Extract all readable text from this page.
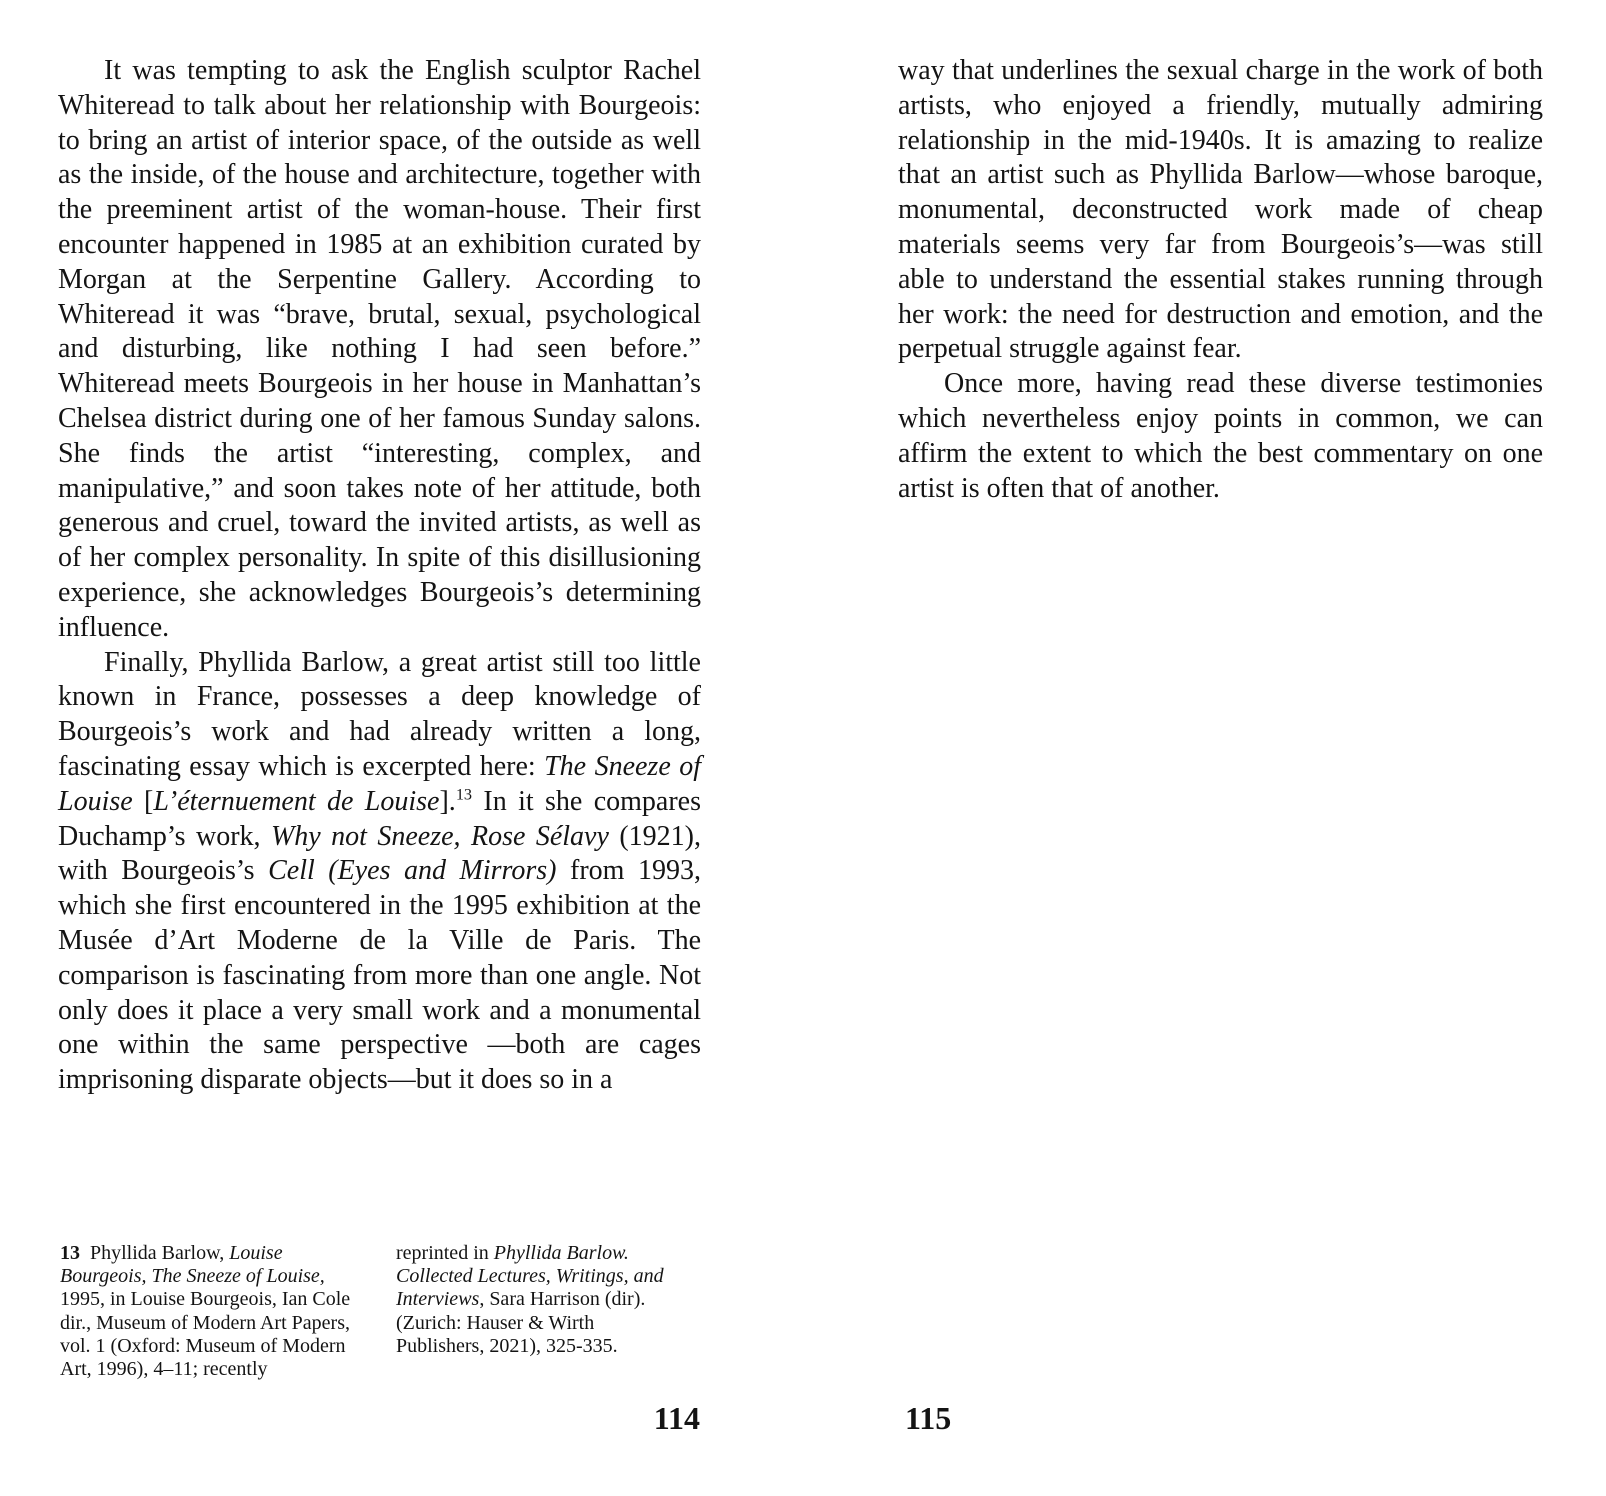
It was tempting to ask the English sculptor Rachel Whiteread to talk about her relationship with Bourgeois: to bring an artist of interior space, of the outside as well as the inside, of the house and architecture, together with the preeminent artist of the woman-house. Their first encounter happened in 1985 at an exhibition curated by Morgan at the Serpentine Gallery. According to Whiteread it was “brave, brutal, sexual, psychological and disturbing, like nothing I had seen before.” Whiteread meets Bourgeois in her house in Manhattan’s Chelsea district during one of her famous Sunday salons. She finds the artist “interesting, complex, and manipulative,” and soon takes note of her attitude, both generous and cruel, toward the invited artists, as well as of her complex personality. In spite of this disillusioning experience, she acknowledges Bourgeois’s determining influence.

Finally, Phyllida Barlow, a great artist still too little known in France, possesses a deep knowledge of Bourgeois’s work and had already written a long, fascinating essay which is excerpted here: The Sneeze of Louise [L’éternuement de Louise].$^{13}$ In it she compares Duchamp’s work, Why not Sneeze, Rose Sélavy (1921), with Bourgeois’s Cell (Eyes and Mirrors) from 1993, which she first encountered in the 1995 exhibition at the Musée d’Art Moderne de la Ville de Paris. The comparison is fascinating from more than one angle. Not only does it place a very small work and a monumental one within the same perspective —both are cages imprisoning disparate objects—but it does so in a

way that underlines the sexual charge in the work of both artists, who enjoyed a friendly, mutually admiring relationship in the mid-1940s. It is amazing to realize that an artist such as Phyllida Barlow—whose baroque, monumental, deconstructed work made of cheap materials seems very far from Bourgeois’s—was still able to understand the essential stakes running through her work: the need for destruction and emotion, and the perpetual struggle against fear.

Once more, having read these diverse testimonies which nevertheless enjoy points in common, we can affirm the extent to which the best commentary on one artist is often that of another.

13 Phyllida Barlow, Louise Bourgeois, The Sneeze of Louise, 1995, in Louise Bourgeois, Ian Cole dir., Museum of Modern Art Papers, vol. 1 (Oxford: Museum of Modern Art, 1996), 4–11; recently
reprinted in Phyllida Barlow. Collected Lectures, Writings, and Interviews, Sara Harrison (dir). (Zurich: Hauser & Wirth Publishers, 2021), 325-335.
114	115
